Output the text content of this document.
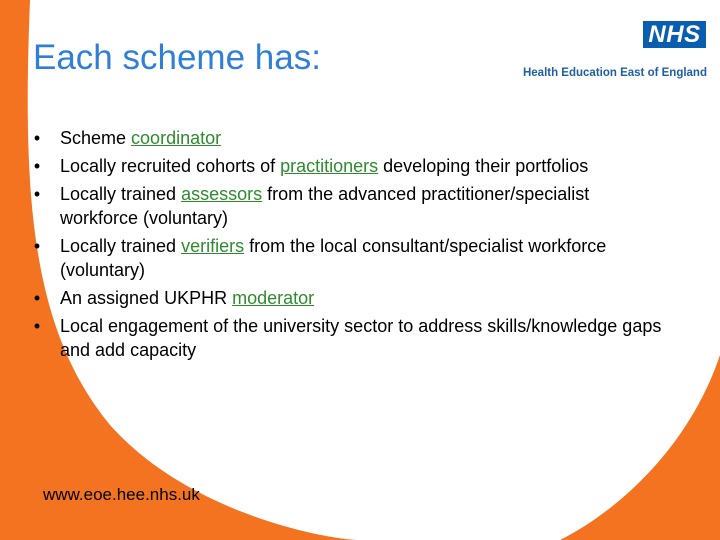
Each scheme has:
NHS
Health Education East of England
• Scheme coordinator
• Locally recruited cohorts of practitioners developing their portfolios
• Locally trained assessors from the advanced practitioner/specialist workforce (voluntary)
• Locally trained verifiers from the local consultant/specialist workforce (voluntary)
• An assigned UKPHR moderator
• Local engagement of the university sector to address skills/knowledge gaps and add capacity
www.eoe.hee.nhs.uk
